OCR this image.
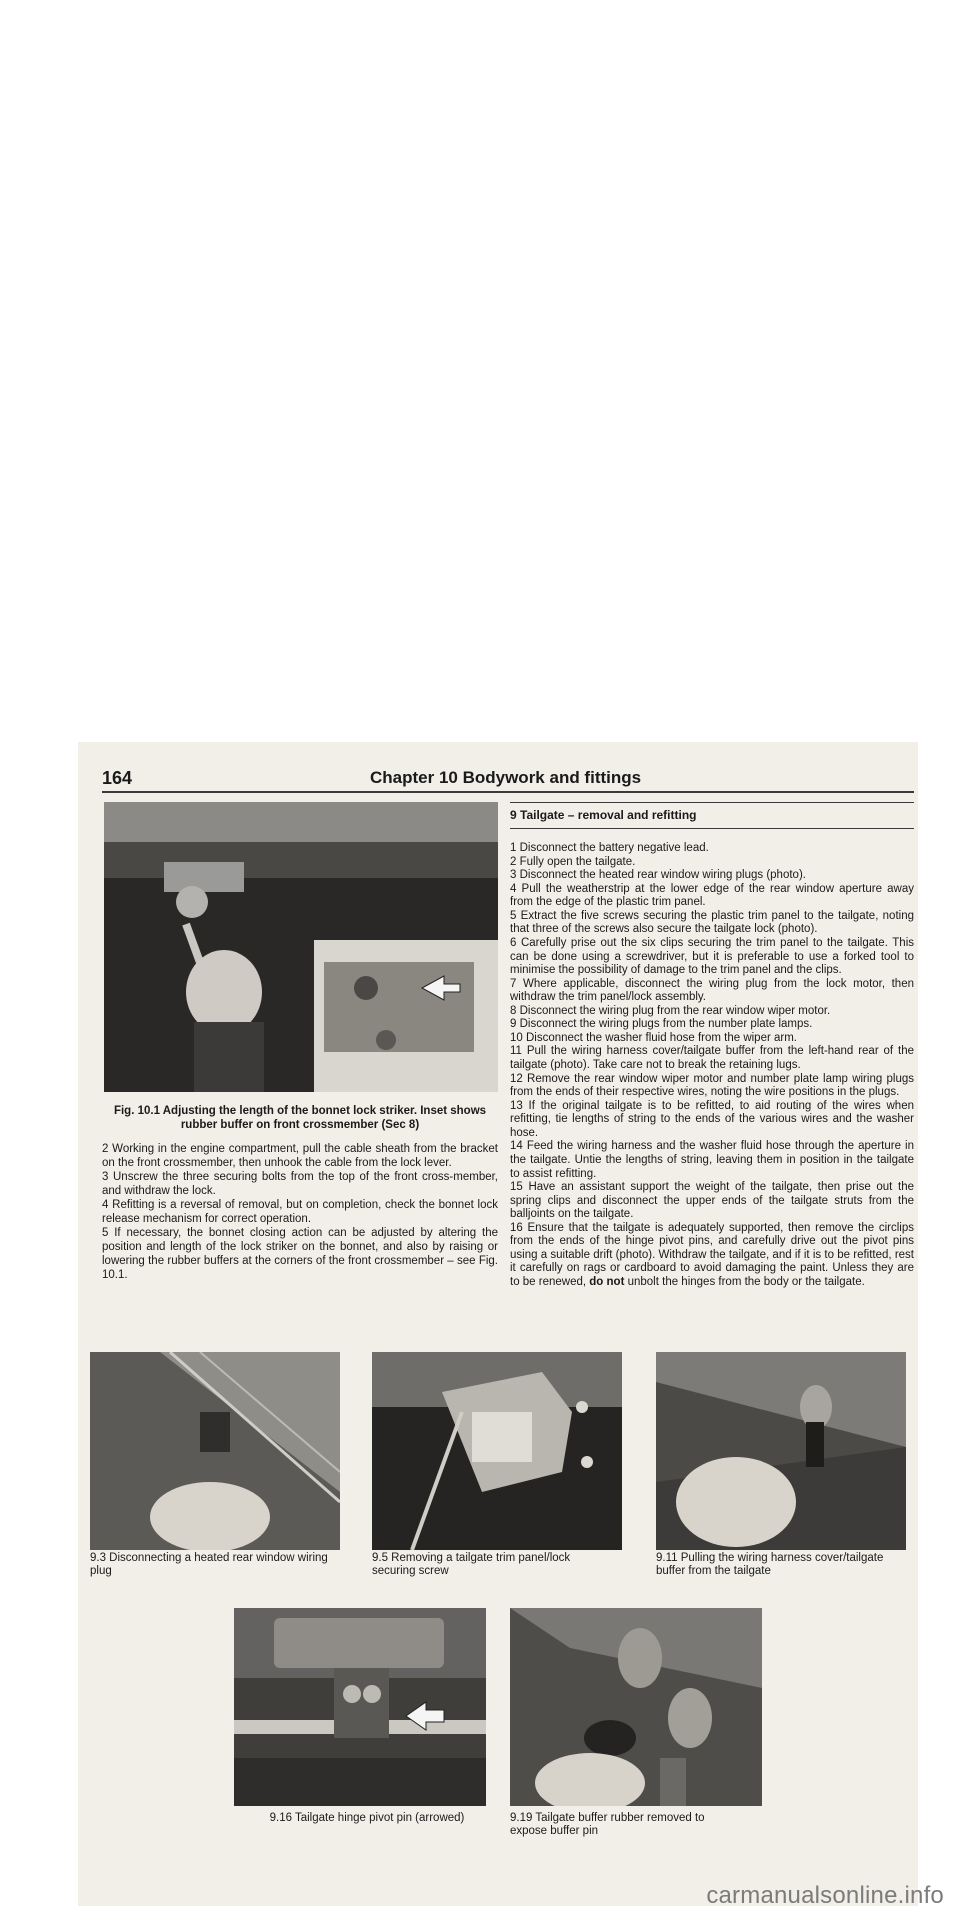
164	Chapter 10 Bodywork and fittings
Fig. 10.1 Adjusting the length of the bonnet lock striker. Inset shows
rubber buffer on front crossmember (Sec 8)

2 Working in the engine compartment, pull the cable sheath from the bracket on the front crossmember, then unhook the cable from the lock lever.

3 Unscrew the three securing bolts from the top of the front cross-member, and withdraw the lock.

4 Refitting is a reversal of removal, but on completion, check the bonnet lock release mechanism for correct operation.

5 If necessary, the bonnet closing action can be adjusted by altering the position and length of the lock striker on the bonnet, and also by raising or lowering the rubber buffers at the corners of the front crossmember – see Fig. 10.1.

9 Tailgate – removal and refitting

1 Disconnect the battery negative lead.

2 Fully open the tailgate.

3 Disconnect the heated rear window wiring plugs (photo).

4 Pull the weatherstrip at the lower edge of the rear window aperture away from the edge of the plastic trim panel.

5 Extract the five screws securing the plastic trim panel to the tailgate, noting that three of the screws also secure the tailgate lock (photo).

6 Carefully prise out the six clips securing the trim panel to the tailgate. This can be done using a screwdriver, but it is preferable to use a forked tool to minimise the possibility of damage to the trim panel and the clips.

7 Where applicable, disconnect the wiring plug from the lock motor, then withdraw the trim panel/lock assembly.

8 Disconnect the wiring plug from the rear window wiper motor.

9 Disconnect the wiring plugs from the number plate lamps.

10 Disconnect the washer fluid hose from the wiper arm.

11 Pull the wiring harness cover/tailgate buffer from the left-hand rear of the tailgate (photo). Take care not to break the retaining lugs.

12 Remove the rear window wiper motor and number plate lamp wiring plugs from the ends of their respective wires, noting the wire positions in the plugs.

13 If the original tailgate is to be refitted, to aid routing of the wires when refitting, tie lengths of string to the ends of the various wires and the washer hose.

14 Feed the wiring harness and the washer fluid hose through the aperture in the tailgate. Untie the lengths of string, leaving them in position in the tailgate to assist refitting.

15 Have an assistant support the weight of the tailgate, then prise out the spring clips and disconnect the upper ends of the tailgate struts from the balljoints on the tailgate.

16 Ensure that the tailgate is adequately supported, then remove the circlips from the ends of the hinge pivot pins, and carefully drive out the pivot pins using a suitable drift (photo). Withdraw the tailgate, and if it is to be refitted, rest it carefully on rags or cardboard to avoid damaging the paint. Unless they are to be renewed, do not unbolt the hinges from the body or the tailgate.

9.3 Disconnecting a heated rear window wiring plug
9.5 Removing a tailgate trim panel/lock securing screw
9.11 Pulling the wiring harness cover/tailgate buffer from the tailgate
9.16 Tailgate hinge pivot pin (arrowed)	9.19 Tailgate buffer rubber removed to expose buffer pin
carmanualsonline.info
